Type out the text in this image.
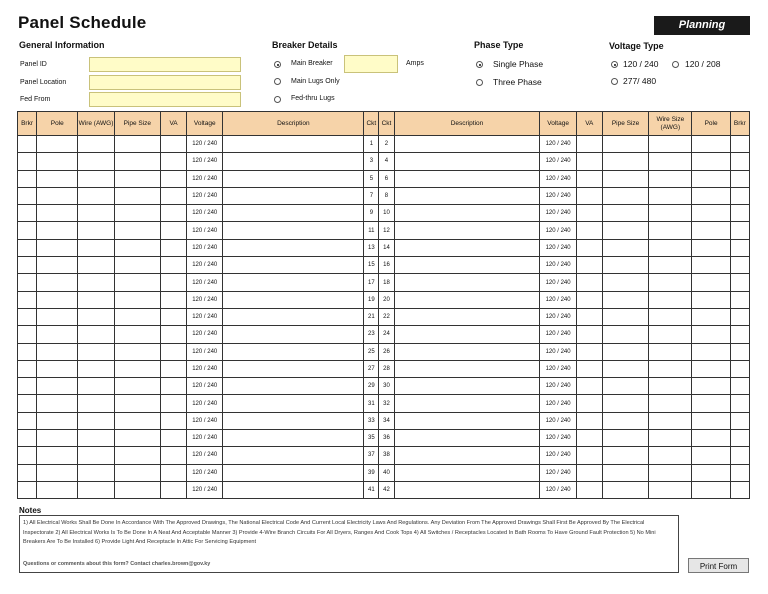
Panel Schedule	Planning Department.
General Information
Panel ID
Panel Location
Fed From
Breaker Details
Main Breaker	Amps
Main Lugs Only
Fed-thru Lugs
Phase Type
Single Phase
Three Phase
Voltage Type
120 / 240	120 / 208
277/ 480
Brkr	Pole	Wire (AWG)	Pipe Size	VA	Voltage	Description	Ckt	Ckt	Description	Voltage	VA	Pipe Size	Wire Size (AWG)	Pole	Brkr
					120 / 240		1	2		120 / 240					
					120 / 240		3	4		120 / 240					
					120 / 240		5	6		120 / 240					
					120 / 240		7	8		120 / 240					
					120 / 240		9	10		120 / 240					
					120 / 240		11	12		120 / 240					
					120 / 240		13	14		120 / 240					
					120 / 240		15	16		120 / 240					
					120 / 240		17	18		120 / 240					
					120 / 240		19	20		120 / 240					
					120 / 240		21	22		120 / 240					
					120 / 240		23	24		120 / 240					
					120 / 240		25	26		120 / 240					
					120 / 240		27	28		120 / 240					
					120 / 240		29	30		120 / 240					
					120 / 240		31	32		120 / 240					
					120 / 240		33	34		120 / 240					
					120 / 240		35	36		120 / 240					
					120 / 240		37	38		120 / 240					
					120 / 240		39	40		120 / 240					
					120 / 240		41	42		120 / 240					
Notes
1) All Electrical Works Shall Be Done In Accordance With The Approved Drawings, The National Electrical Code And Current Local Electricity Laws And Regulations. Any Deviation From The Approved Drawings Shall First Be Approved By The Electrical Inspectorate 2) All Electrical Works Is To Be Done In A Neat And Acceptable Manner 3) Provide 4-Wire Branch Circuits For All Dryers, Ranges And Cook Tops 4) All Switches / Receptacles Located In Bath Rooms To Have Ground Fault Protection 5) No Mini Breakers Are To Be Installed 6) Provide Light And Receptacle In Attic For Servicing Equipment
Questions or comments about this form? Contact charles.brown@gov.ky	Print Form
